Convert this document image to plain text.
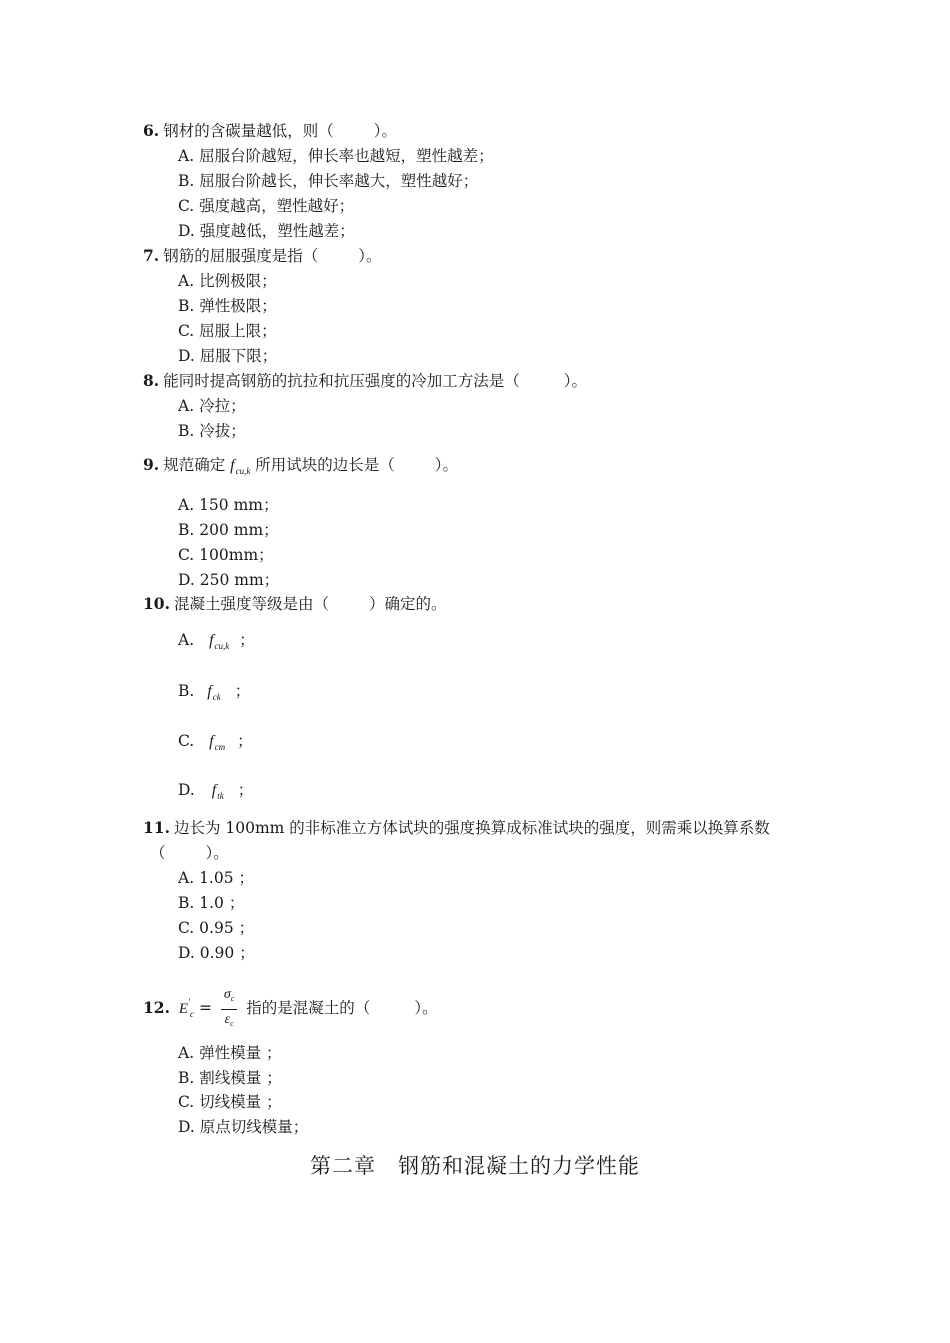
6. 钢材的含碳量越低，则（	）。
A. 屈服台阶越短，伸长率也越短，塑性越差；
B. 屈服台阶越长，伸长率越大，塑性越好；
C. 强度越高，塑性越好；
D. 强度越低，塑性越差；
7. 钢筋的屈服强度是指（	）。
A. 比例极限；
B. 弹性极限；
C. 屈服上限；
D. 屈服下限；
8. 能同时提高钢筋的抗拉和抗压强度的冷加工方法是（	）。
A. 冷拉；
B. 冷拔；
9. 规范确定 $f_{cu,k}$ 所用试块的边长是（	）。
A. 150 mm；
B. 200 mm；
C. 100mm；
D. 250 mm；
10. 混凝土强度等级是由（	）确定的。
A. $f_{cu,k}$ ；
B. $f_{ck}$ ；
C. $f_{cm}$ ；
D. $f_{tk}$ ；
11. 边长为 100mm 的非标准立方体试块的强度换算成标准试块的强度，则需乘以换算系数
（	）。
A. 1.05 ；
B. 1.0 ；
C. 0.95 ；
D. 0.90 ；
12. $E'_c = \frac{\sigma_c}{\varepsilon_c}$ 指的是混凝土的（	）。
A. 弹性模量 ；
B. 割线模量 ；
C. 切线模量 ；
D. 原点切线模量；
第二章 钢筋和混凝土的力学性能
